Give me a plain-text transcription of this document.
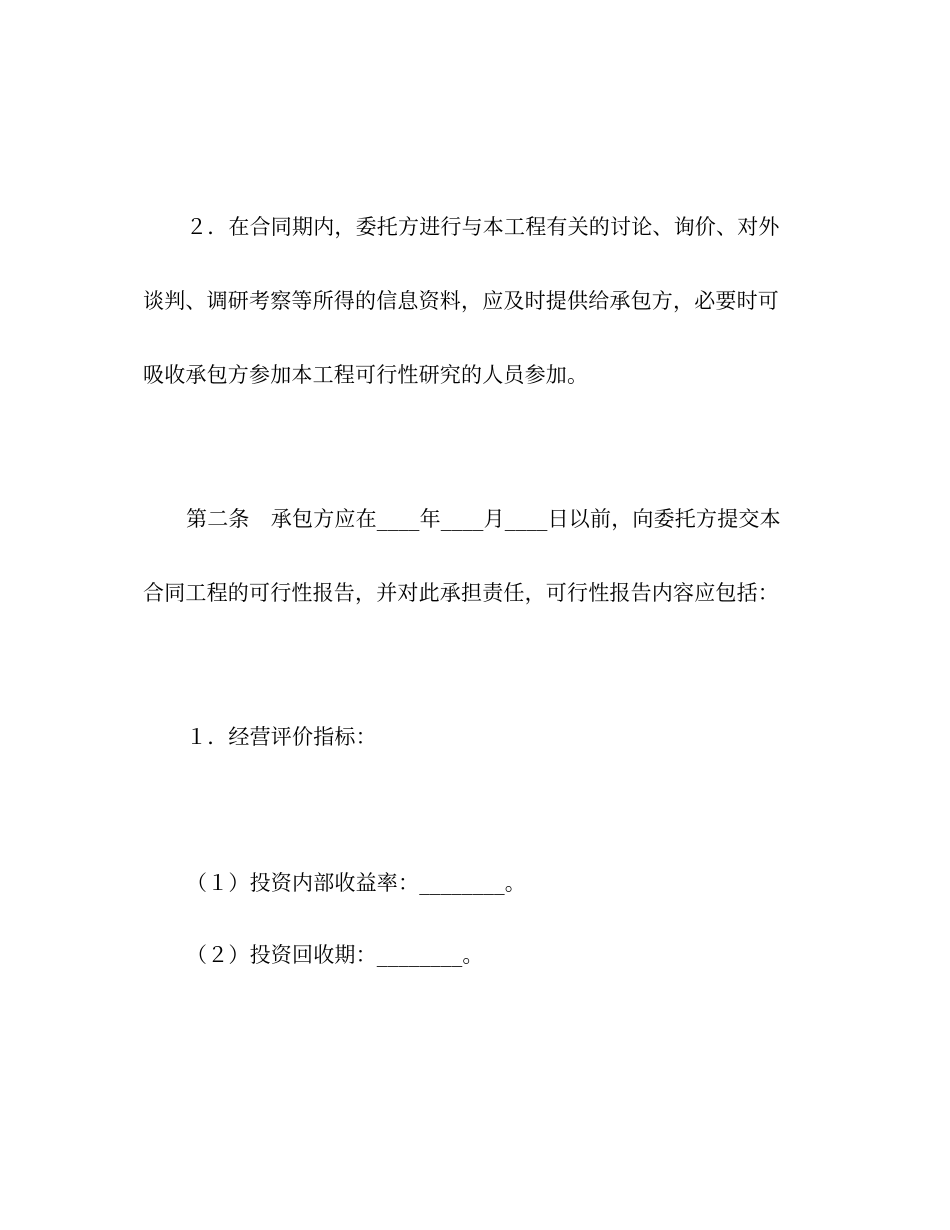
２．在合同期内，委托方进行与本工程有关的讨论、询价、对外
谈判、调研考察等所得的信息资料，应及时提供给承包方，必要时可
吸收承包方参加本工程可行性研究的人员参加。
第二条　承包方应在____年____月____日以前，向委托方提交本
合同工程的可行性报告，并对此承担责任，可行性报告内容应包括：
１．经营评价指标：
（１）投资内部收益率：________。
（２）投资回收期：________。
